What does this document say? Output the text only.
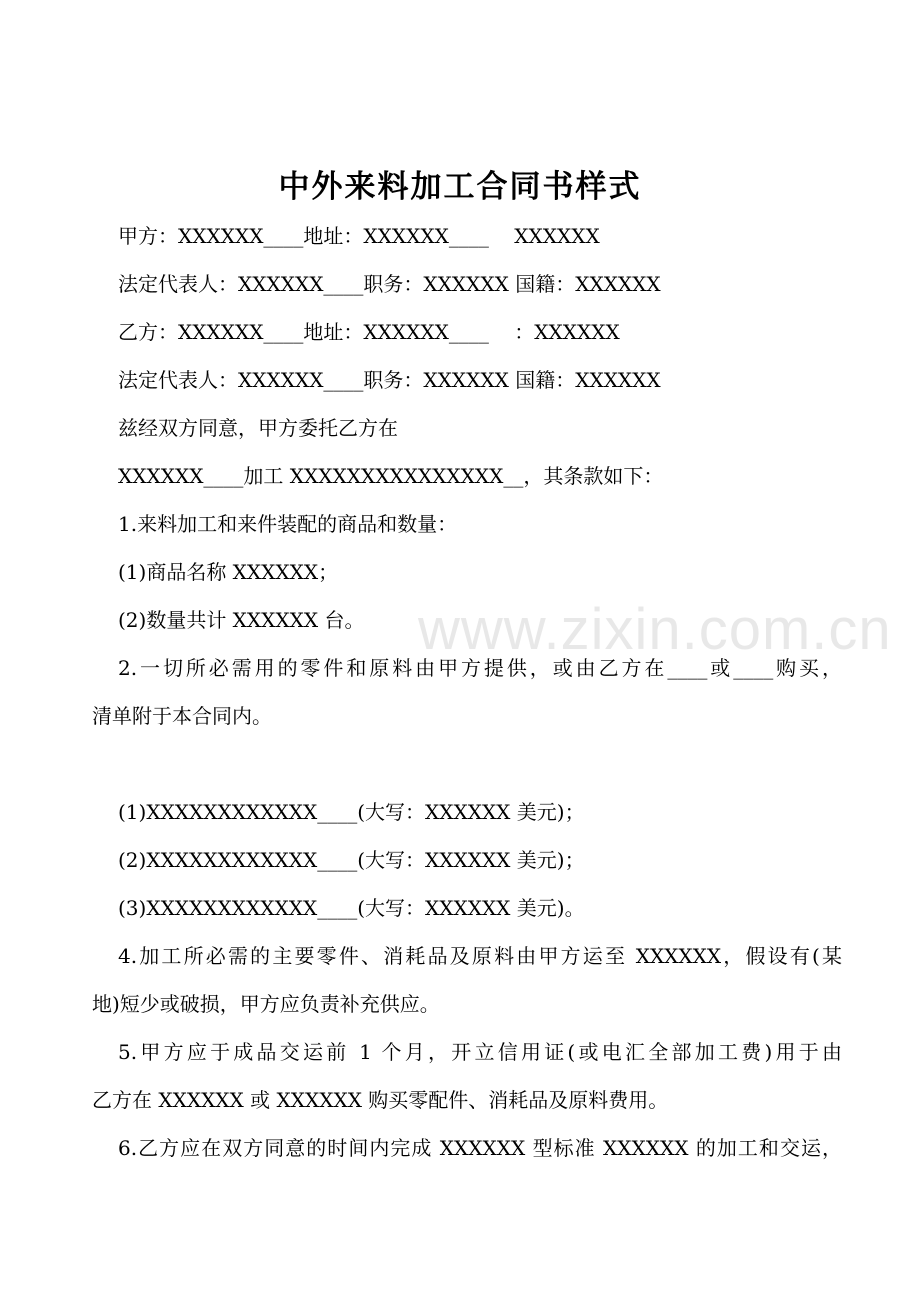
中外来料加工合同书样式
甲方：XXXXXX____地址：XXXXXX____    XXXXXX
法定代表人：XXXXXX____职务：XXXXXX 国籍：XXXXXX
乙方：XXXXXX____地址：XXXXXX____    ：XXXXXX
法定代表人：XXXXXX____职务：XXXXXX 国籍：XXXXXX
兹经双方同意，甲方委托乙方在
XXXXXX____加工 XXXXXXXXXXXXXXX__，其条款如下：
1.来料加工和来件装配的商品和数量：
(1)商品名称 XXXXXX；
(2)数量共计 XXXXXX 台。
2.一切所必需用的零件和原料由甲方提供，或由乙方在____或____购买，
清单附于本合同内。
(1)XXXXXXXXXXXX____(大写：XXXXXX 美元)；
(2)XXXXXXXXXXXX____(大写：XXXXXX 美元)；
(3)XXXXXXXXXXXX____(大写：XXXXXX 美元)。
4.加工所必需的主要零件、消耗品及原料由甲方运至 XXXXXX，假设有(某
地)短少或破损，甲方应负责补充供应。
5.甲方应于成品交运前 1 个月，开立信用证(或电汇全部加工费)用于由
乙方在 XXXXXX 或 XXXXXX 购买零配件、消耗品及原料费用。
6.乙方应在双方同意的时间内完成 XXXXXX 型标准 XXXXXX 的加工和交运，
www.zixin.com.cn
